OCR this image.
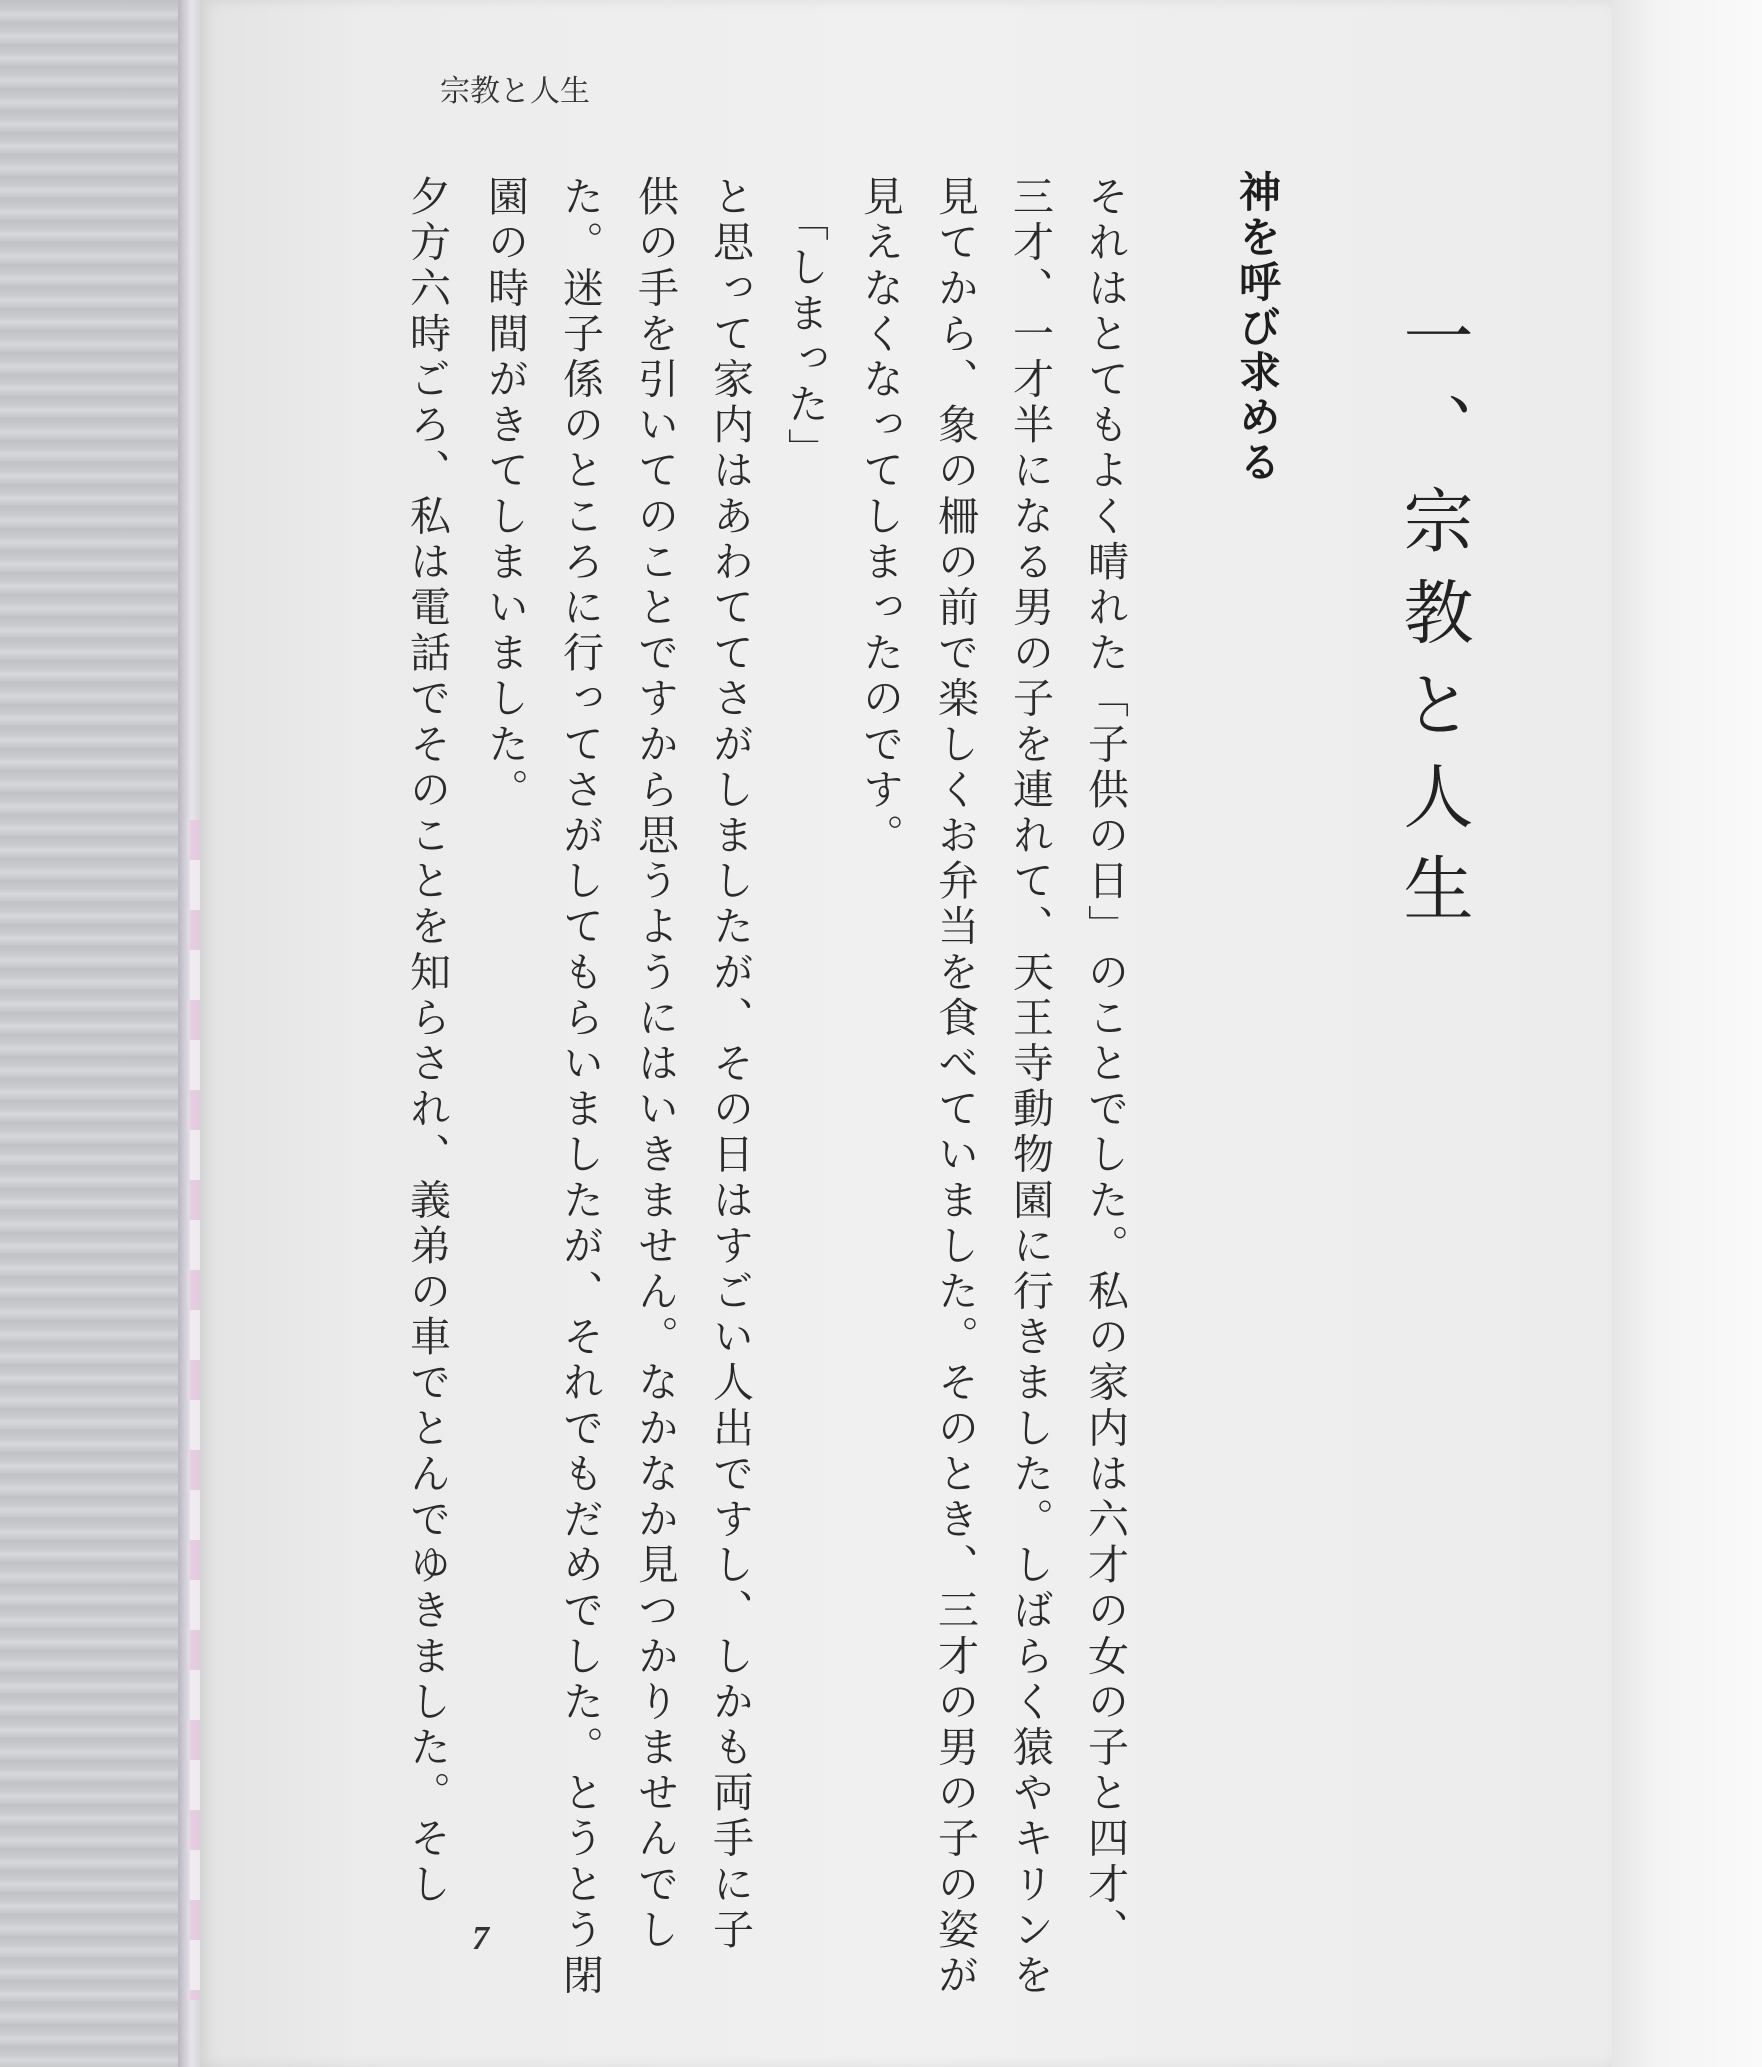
宗教と人生
一、宗教と人生
神を呼び求める
それはとてもよく晴れた「子供の日」のことでした。私の家内は六才の女の子と四才、
三才、一才半になる男の子を連れて、天王寺動物園に行きました。しばらく猿やキリンを
見てから、象の柵の前で楽しくお弁当を食べていました。そのとき、三才の男の子の姿が
見えなくなってしまったのです。
「しまった」
と思って家内はあわててさがしましたが、その日はすごい人出ですし、しかも両手に子
供の手を引いてのことですから思うようにはいきません。なかなか見つかりませんでし
た。迷子係のところに行ってさがしてもらいましたが、それでもだめでした。とうとう閉
園の時間がきてしまいました。
夕方六時ごろ、私は電話でそのことを知らされ、義弟の車でとんでゆきました。そし
7
